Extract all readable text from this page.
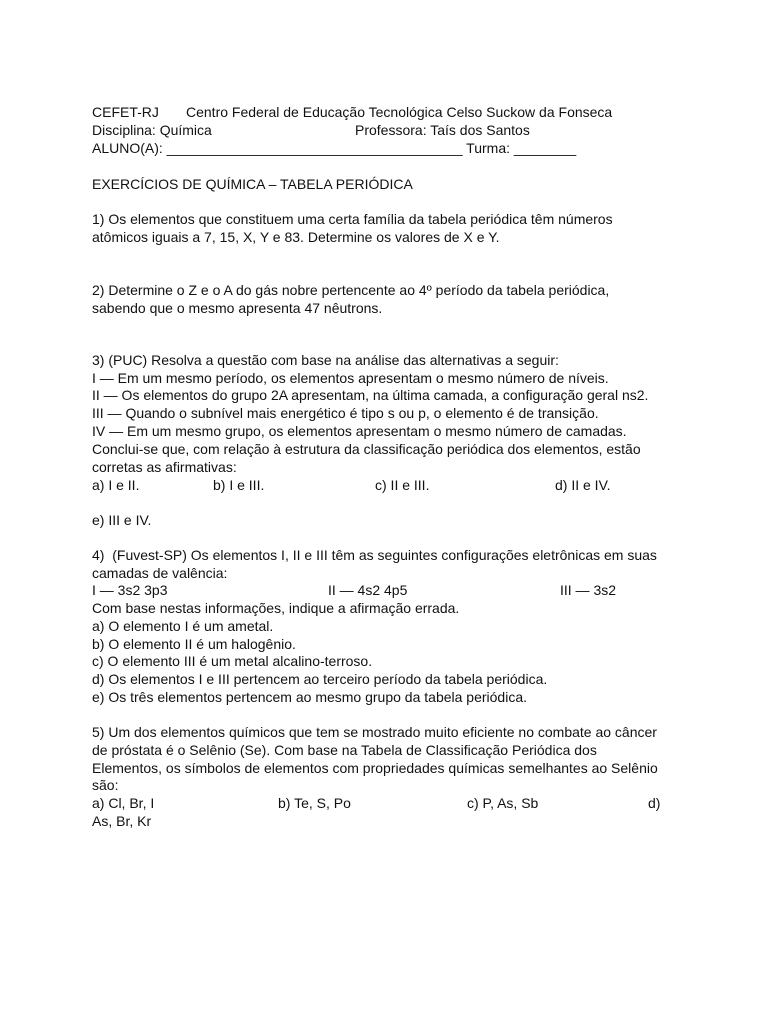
CEFET-RJ Centro Federal de Educação Tecnológica Celso Suckow da Fonseca

Disciplina: Química	Professora: Taís dos Santos

ALUNO(A): ______________________________________ Turma: ________

EXERCÍCIOS DE QUÍMICA – TABELA PERIÓDICA

1) Os elementos que constituem uma certa família da tabela periódica têm números

atômicos iguais a 7, 15, X, Y e 83. Determine os valores de X e Y.

2) Determine o Z e o A do gás nobre pertencente ao 4º período da tabela periódica,

sabendo que o mesmo apresenta 47 nêutrons.

3) (PUC) Resolva a questão com base na análise das alternativas a seguir:

I — Em um mesmo período, os elementos apresentam o mesmo número de níveis.

II — Os elementos do grupo 2A apresentam, na última camada, a configuração geral ns2.

III — Quando o subnível mais energético é tipo s ou p, o elemento é de transição.

IV — Em um mesmo grupo, os elementos apresentam o mesmo número de camadas.

Conclui-se que, com relação à estrutura da classificação periódica dos elementos, estão

corretas as afirmativas:

a) I e II.	b) I e III.	c) II e III.	d) II e IV.

e) III e IV.

4)  (Fuvest-SP) Os elementos I, II e III têm as seguintes configurações eletrônicas em suas

camadas de valência:

I — 3s2 3p3	II — 4s2 4p5	III — 3s2

Com base nestas informações, indique a afirmação errada.

a) O elemento I é um ametal.

b) O elemento II é um halogênio.

c) O elemento III é um metal alcalino-terroso.

d) Os elementos I e III pertencem ao terceiro período da tabela periódica.

e) Os três elementos pertencem ao mesmo grupo da tabela periódica.

5) Um dos elementos químicos que tem se mostrado muito eficiente no combate ao câncer

de próstata é o Selênio (Se). Com base na Tabela de Classificação Periódica dos

Elementos, os símbolos de elementos com propriedades químicas semelhantes ao Selênio

são:

a) Cl, Br, I	b) Te, S, Po	c) P, As, Sb	d)

As, Br, Kr
